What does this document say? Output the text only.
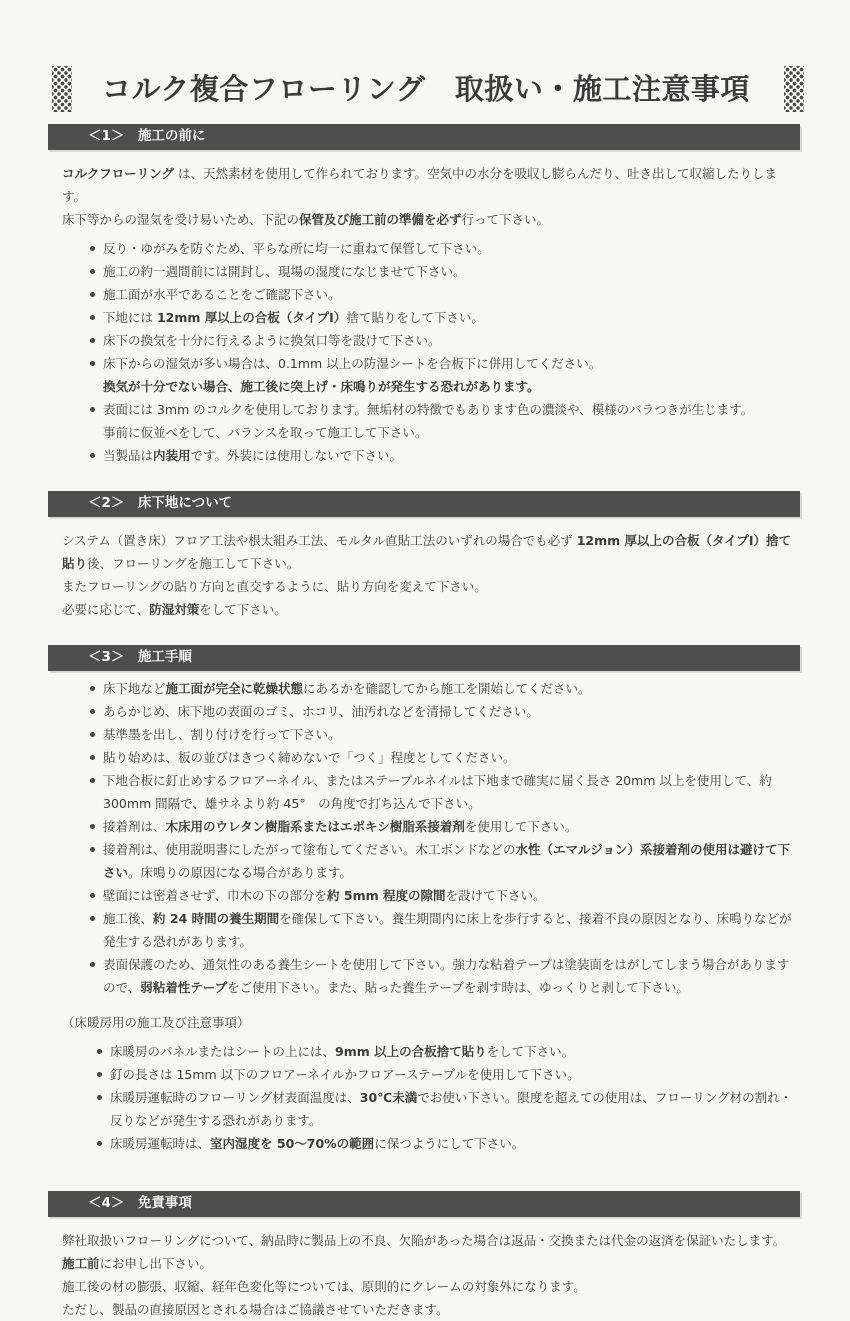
コルク複合フローリング　取扱い・施工注意事項
＜1＞　施工の前に
コルクフローリング は、天然素材を使用して作られております。空気中の水分を吸収し膨らんだり、吐き出して収縮したりします。
床下等からの湿気を受け易いため、下記の保管及び施工前の準備を必ず行って下さい。
反り・ゆがみを防ぐため、平らな所に均一に重ねて保管して下さい。
施工の約一週間前には開封し、現場の湿度になじませて下さい。
施工面が水平であることをご確認下さい。
下地には 12mm 厚以上の合板（タイプI）捨て貼りをして下さい。
床下の換気を十分に行えるように換気口等を設けて下さい。
床下からの湿気が多い場合は、0.1mm 以上の防湿シートを合板下に併用してください。
換気が十分でない場合、施工後に突上げ・床鳴りが発生する恐れがあります。
表面には 3mm のコルクを使用しております。無垢材の特徴でもあります色の濃淡や、模様のバラつきが生じます。
事前に仮並べをして、バランスを取って施工して下さい。
当製品は内装用です。外装には使用しないで下さい。
＜2＞　床下地について
システム（置き床）フロア工法や根太組み工法、モルタル直貼工法のいずれの場合でも必ず 12mm 厚以上の合板（タイプI）捨て貼り後、フローリングを施工して下さい。
またフローリングの貼り方向と直交するように、貼り方向を変えて下さい。
必要に応じて、防湿対策をして下さい。
＜3＞　施工手順
床下地など施工面が完全に乾燥状態にあるかを確認してから施工を開始してください。
あらかじめ、床下地の表面のゴミ、ホコリ、油汚れなどを清掃してください。
基準墨を出し、割り付けを行って下さい。
貼り始めは、板の並びはきつく締めないで「つく」程度としてください。
下地合板に釘止めするフロアーネイル、またはステープルネイルは下地まで確実に届く長さ 20mm 以上を使用して、約 300mm 間隔で、雄サネより約 45°　の角度で打ち込んで下さい。
接着剤は、木床用のウレタン樹脂系またはエポキシ樹脂系接着剤を使用して下さい。
接着剤は、使用説明書にしたがって塗布してください。木工ボンドなどの水性（エマルジョン）系接着剤の使用は避けて下さい。床鳴りの原因になる場合があります。
壁面には密着させず、巾木の下の部分を約 5mm 程度の隙間を設けて下さい。
施工後、約 24 時間の養生期間を確保して下さい。養生期間内に床上を歩行すると、接着不良の原因となり、床鳴りなどが発生する恐れがあります。
表面保護のため、通気性のある養生シートを使用して下さい。強力な粘着テープは塗装面をはがしてしまう場合がありますので、弱粘着性テープをご使用下さい。また、貼った養生テープを剥す時は、ゆっくりと剥して下さい。
（床暖房用の施工及び注意事項）
床暖房のパネルまたはシートの上には、9mm 以上の合板捨て貼りをして下さい。
釘の長さは 15mm 以下のフロアーネイルかフロアーステープルを使用して下さい。
床暖房運転時のフローリング材表面温度は、30℃未満でお使い下さい。限度を超えての使用は、フローリング材の割れ・反りなどが発生する恐れがあります。
床暖房運転時は、室内湿度を 50～70%の範囲に保つようにして下さい。
＜4＞　免責事項
弊社取扱いフローリングについて、納品時に製品上の不良、欠陥があった場合は返品・交換または代金の返済を保証いたします。
施工前にお申し出下さい。
施工後の材の膨張、収縮、経年色変化等については、原則的にクレームの対象外になります。
ただし、製品の直接原因とされる場合はご協議させていただきます。
